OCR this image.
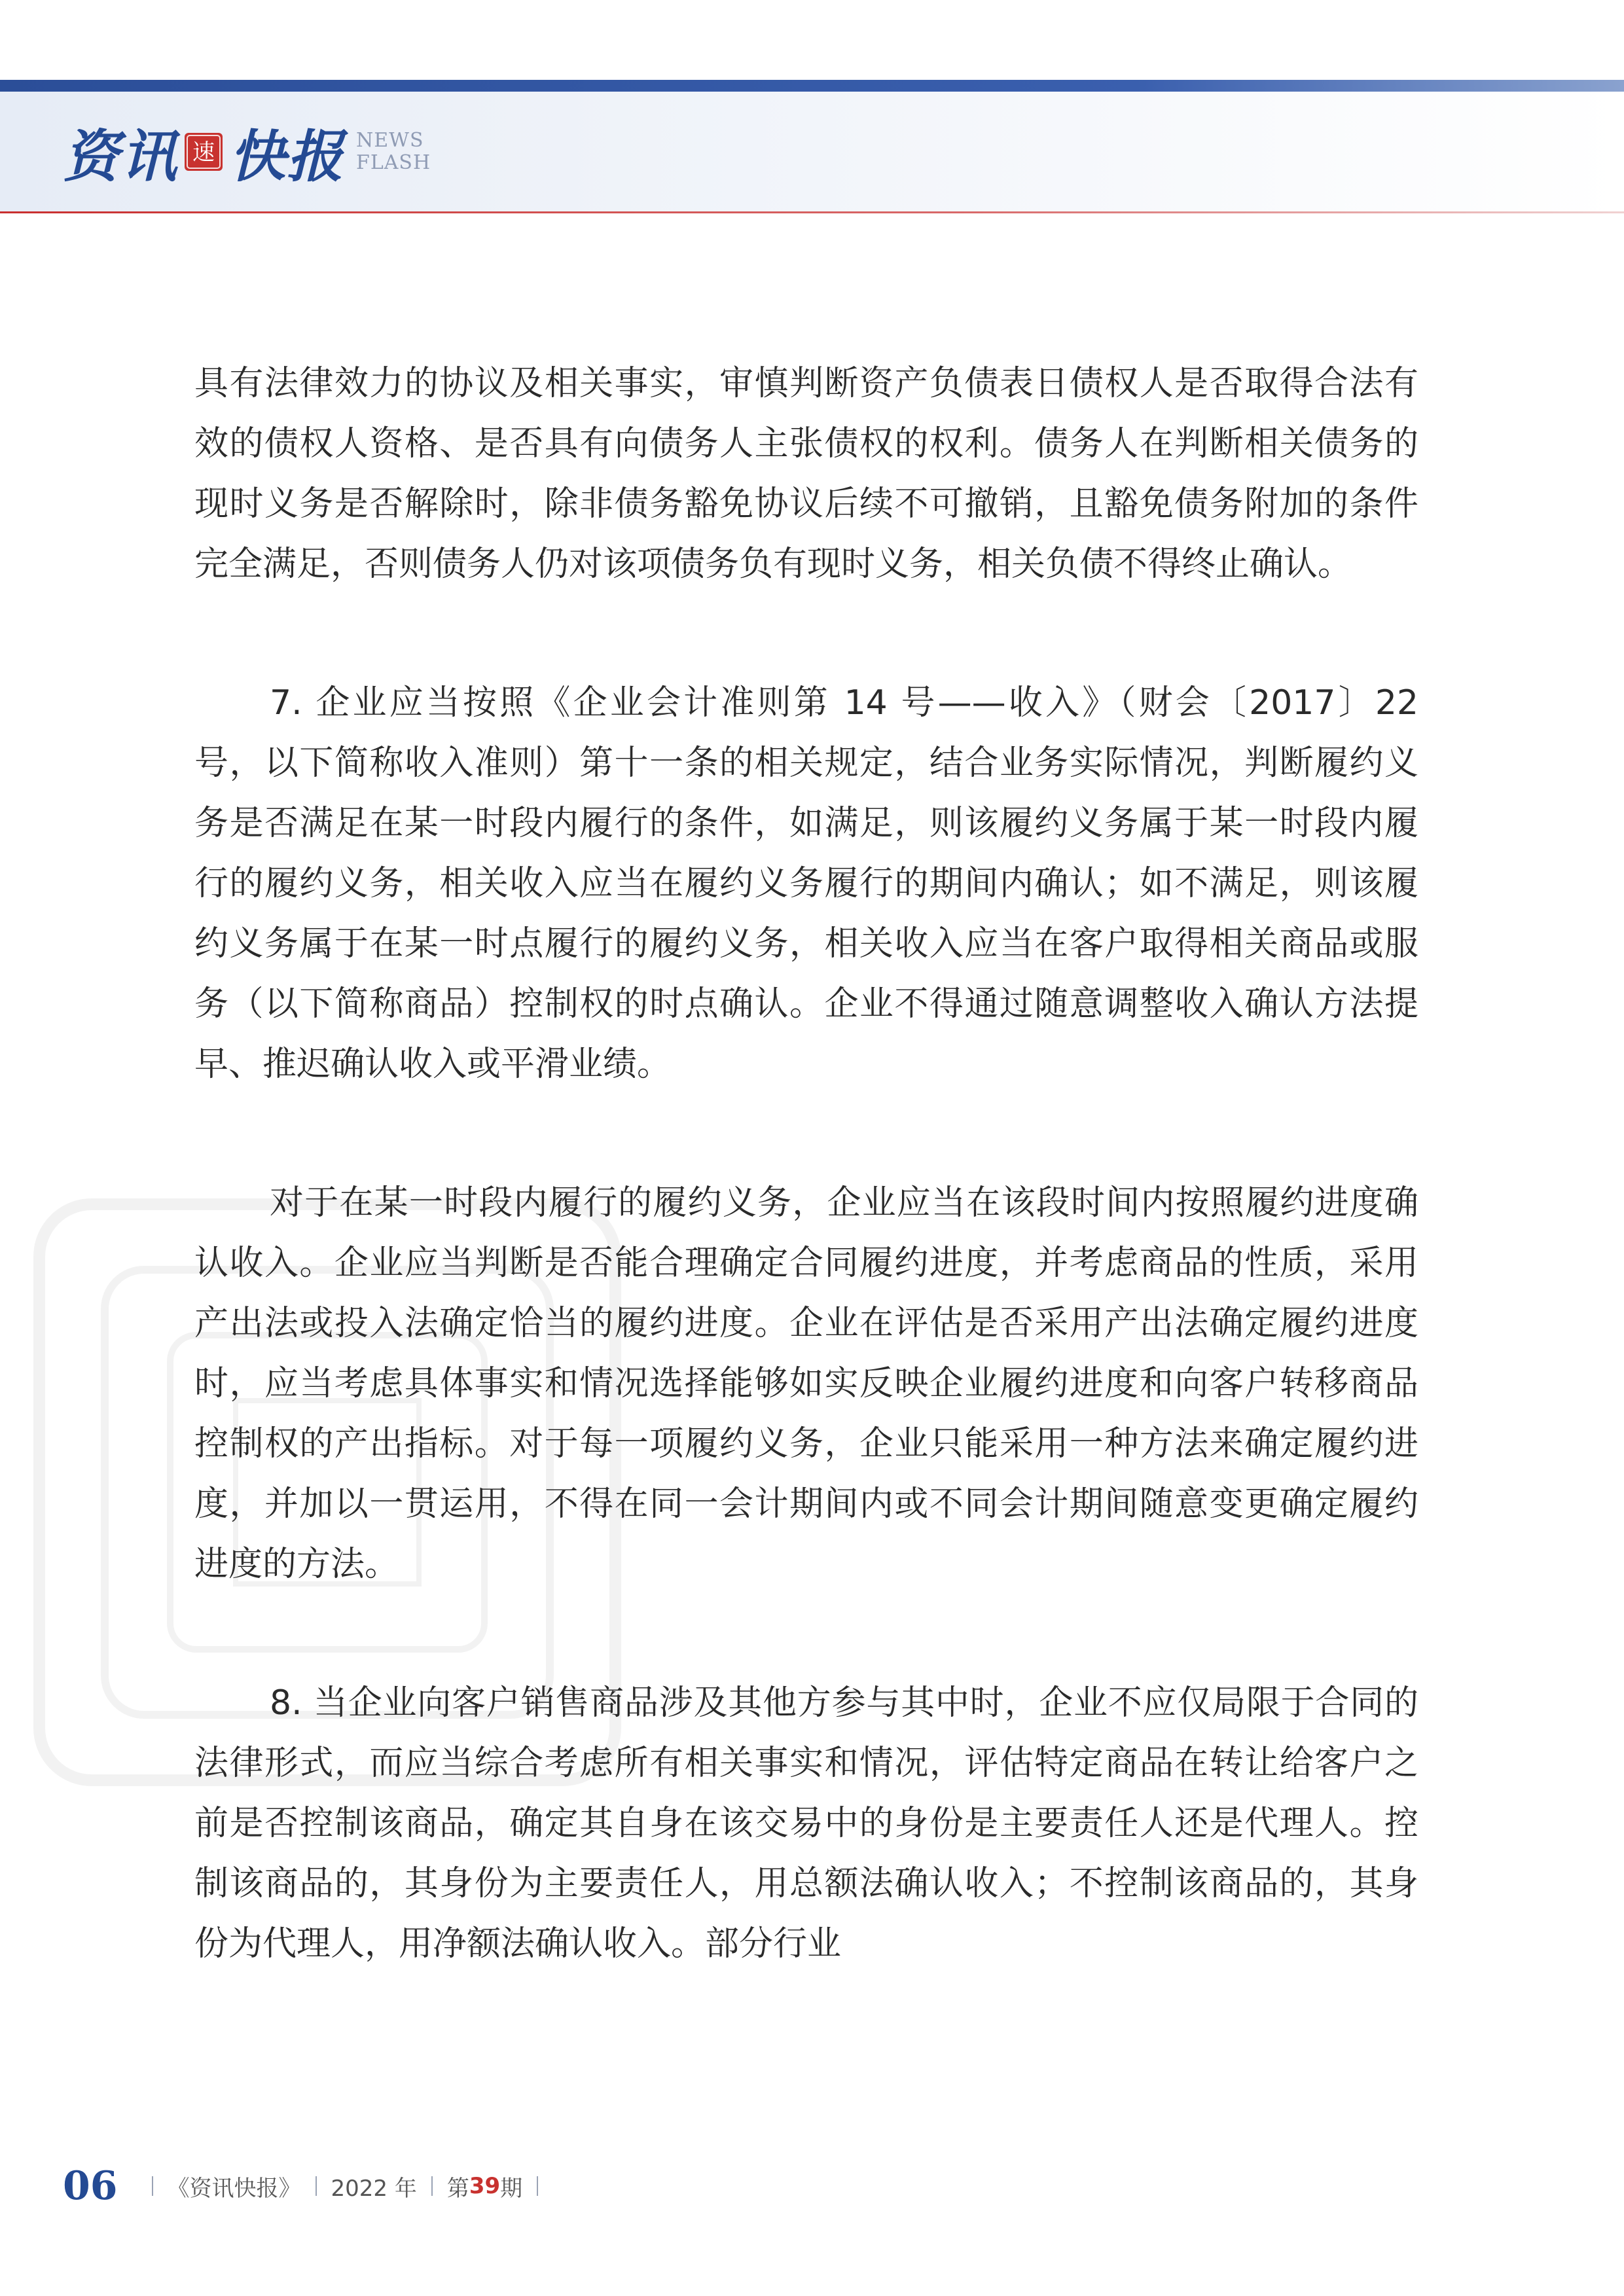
资讯 速 快报 NEWS
FLASH

具有法律效力的协议及相关事实，审慎判断资产负债表日债权人是否取得合法有效的债权人资格、是否具有向债务人主张债权的权利。债务人在判断相关债务的现时义务是否解除时，除非债务豁免协议后续不可撤销，且豁免债务附加的条件完全满足，否则债务人仍对该项债务负有现时义务，相关负债不得终止确认。

7. 企业应当按照《企业会计准则第 14 号——收入》（财会〔2017〕22 号，以下简称收入准则）第十一条的相关规定，结合业务实际情况，判断履约义务是否满足在某一时段内履行的条件，如满足，则该履约义务属于某一时段内履行的履约义务，相关收入应当在履约义务履行的期间内确认；如不满足，则该履约义务属于在某一时点履行的履约义务，相关收入应当在客户取得相关商品或服务（以下简称商品）控制权的时点确认。企业不得通过随意调整收入确认方法提早、推迟确认收入或平滑业绩。

对于在某一时段内履行的履约义务，企业应当在该段时间内按照履约进度确认收入。企业应当判断是否能合理确定合同履约进度，并考虑商品的性质，采用产出法或投入法确定恰当的履约进度。企业在评估是否采用产出法确定履约进度时，应当考虑具体事实和情况选择能够如实反映企业履约进度和向客户转移商品控制权的产出指标。对于每一项履约义务，企业只能采用一种方法来确定履约进度，并加以一贯运用，不得在同一会计期间内或不同会计期间随意变更确定履约进度的方法。

8. 当企业向客户销售商品涉及其他方参与其中时，企业不应仅局限于合同的法律形式，而应当综合考虑所有相关事实和情况，评估特定商品在转让给客户之前是否控制该商品，确定其自身在该交易中的身份是主要责任人还是代理人。控制该商品的，其身份为主要责任人，用总额法确认收入；不控制该商品的，其身份为代理人，用净额法确认收入。部分行业

06 《资讯快报》 2022 年 第 39 期
